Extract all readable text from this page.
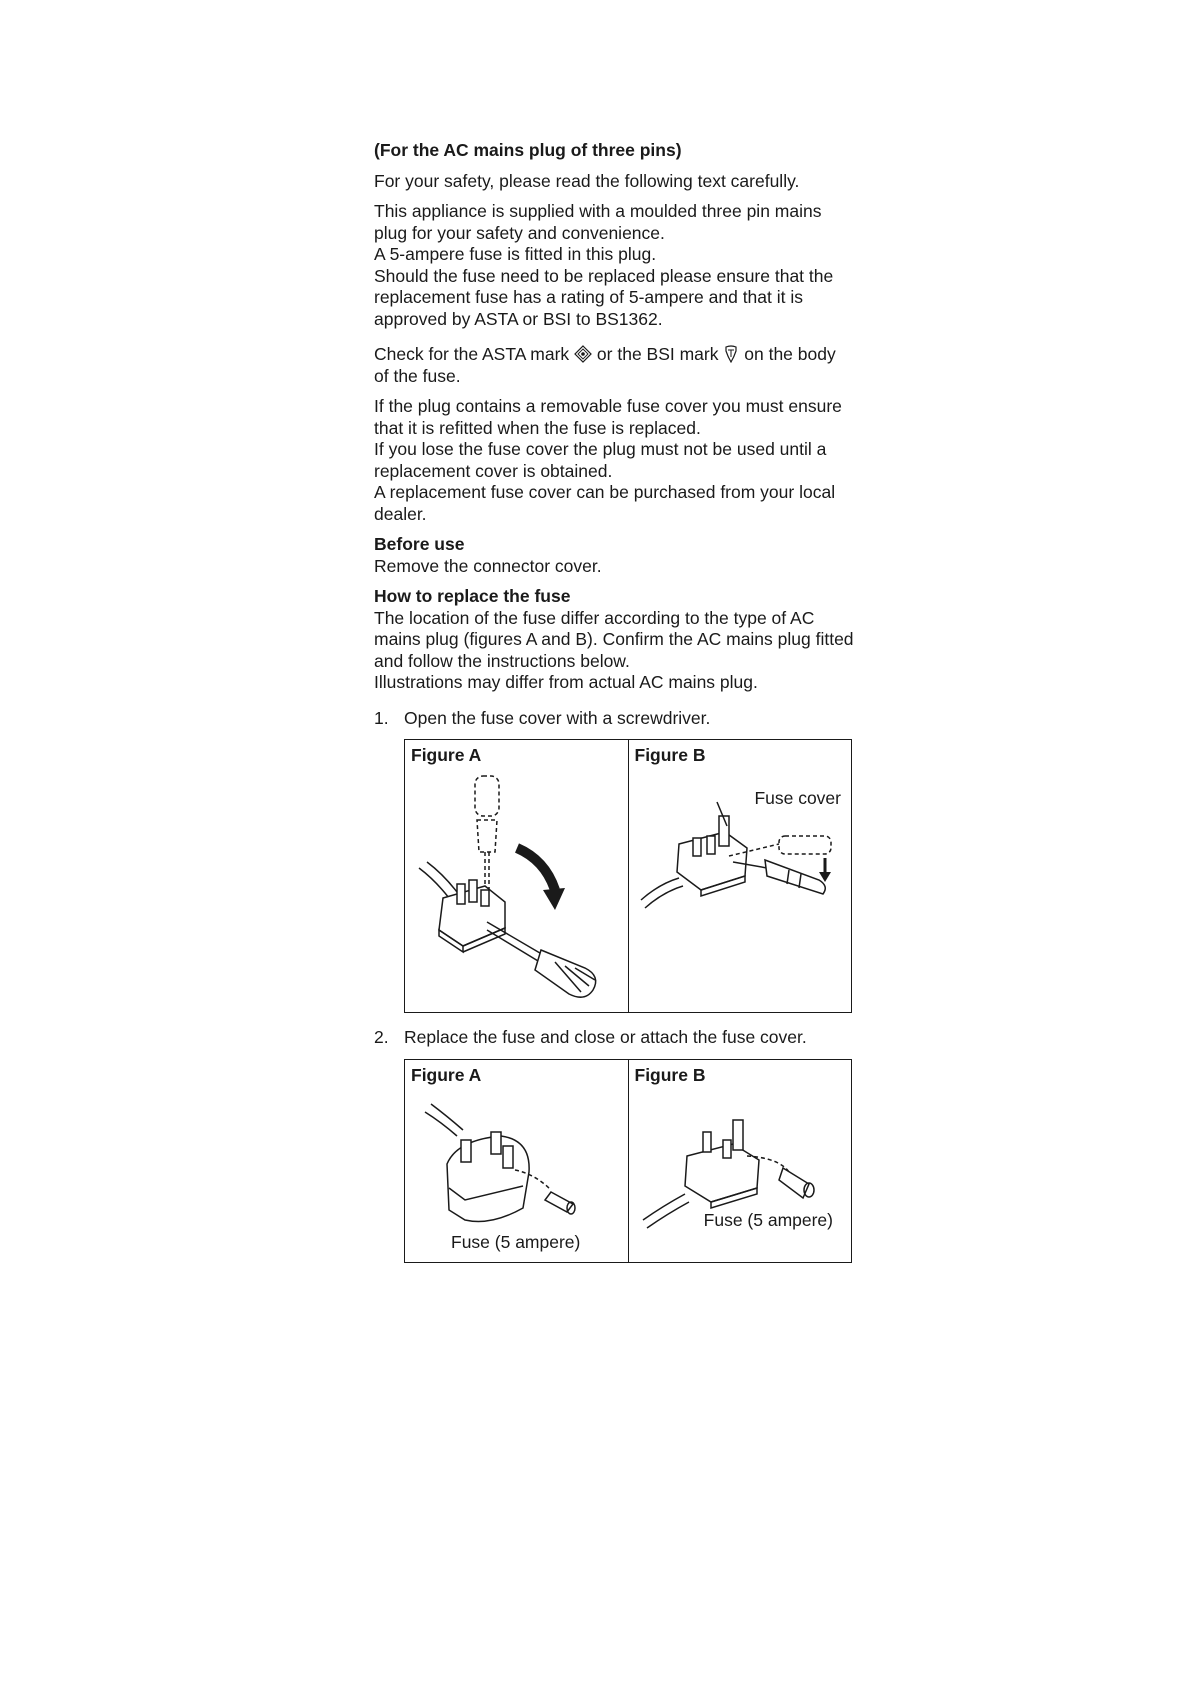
(For the AC mains plug of three pins)

For your safety, please read the following text carefully.

This appliance is supplied with a moulded three pin mains plug for your safety and convenience.

A 5-ampere fuse is fitted in this plug.

Should the fuse need to be replaced please ensure that the replacement fuse has a rating of 5-ampere and that it is approved by ASTA or BSI to BS1362.

Check for the ASTA mark or the BSI mark on the body of the fuse.

If the plug contains a removable fuse cover you must ensure that it is refitted when the fuse is replaced.

If you lose the fuse cover the plug must not be used until a replacement cover is obtained.

A replacement fuse cover can be purchased from your local dealer.

Before use

Remove the connector cover.

How to replace the fuse

The location of the fuse differ according to the type of AC mains plug (figures A and B). Confirm the AC mains plug fitted and follow the instructions below.

Illustrations may differ from actual AC mains plug.

1. Open the fuse cover with a screwdriver.
Figure A	Figure B
Fuse cover
2. Replace the fuse and close or attach the fuse cover.
Figure A
Fuse (5 ampere)
Fuse (5 ampere)
Figure B
